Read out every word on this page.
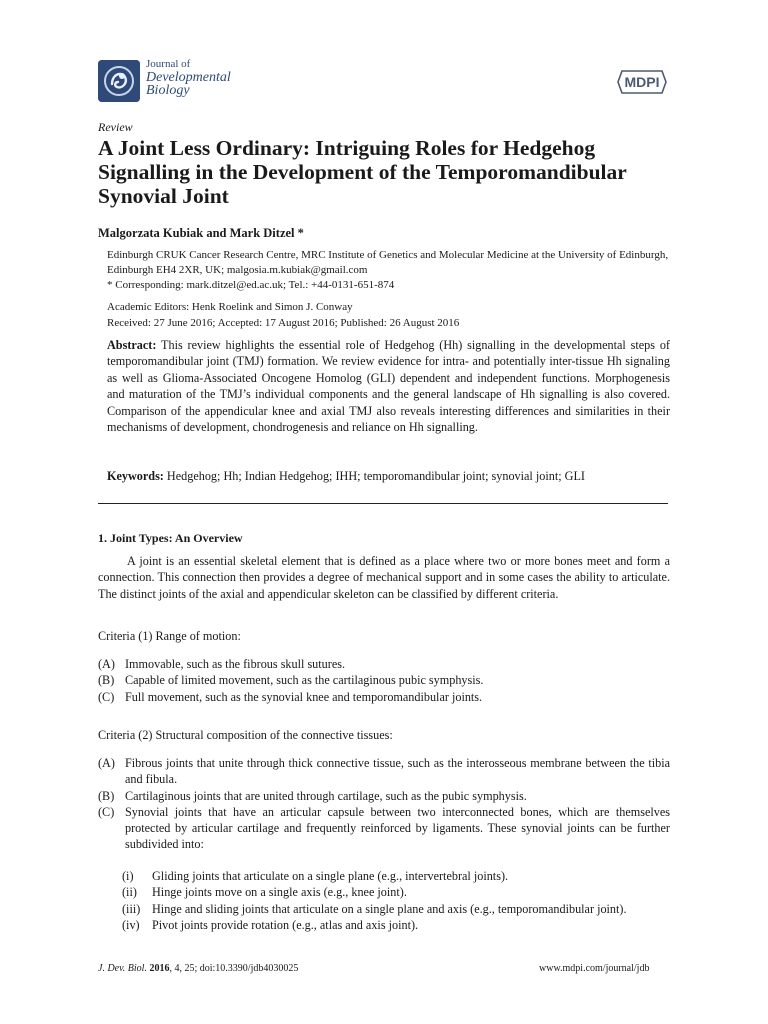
Journal of
Developmental
Biology
MDPI
Review
A Joint Less Ordinary: Intriguing Roles for Hedgehog Signalling in the Development of the Temporomandibular Synovial Joint
Malgorzata Kubiak and Mark Ditzel *
Edinburgh CRUK Cancer Research Centre, MRC Institute of Genetics and Molecular Medicine at the University of Edinburgh, Edinburgh EH4 2XR, UK; malgosia.m.kubiak@gmail.com
* Corresponding: mark.ditzel@ed.ac.uk; Tel.: +44-0131-651-874
Academic Editors: Henk Roelink and Simon J. Conway
Received: 27 June 2016; Accepted: 17 August 2016; Published: 26 August 2016
Abstract: This review highlights the essential role of Hedgehog (Hh) signalling in the developmental steps of temporomandibular joint (TMJ) formation. We review evidence for intra- and potentially inter-tissue Hh signaling as well as Glioma-Associated Oncogene Homolog (GLI) dependent and independent functions. Morphogenesis and maturation of the TMJ’s individual components and the general landscape of Hh signalling is also covered. Comparison of the appendicular knee and axial TMJ also reveals interesting differences and similarities in their mechanisms of development, chondrogenesis and reliance on Hh signalling.
Keywords: Hedgehog; Hh; Indian Hedgehog; IHH; temporomandibular joint; synovial joint; GLI
1. Joint Types: An Overview
A joint is an essential skeletal element that is defined as a place where two or more bones meet and form a connection. This connection then provides a degree of mechanical support and in some cases the ability to articulate. The distinct joints of the axial and appendicular skeleton can be classified by different criteria.
Criteria (1) Range of motion:
(A) Immovable, such as the fibrous skull sutures.
(B) Capable of limited movement, such as the cartilaginous pubic symphysis.
(C) Full movement, such as the synovial knee and temporomandibular joints.
Criteria (2) Structural composition of the connective tissues:
(A) Fibrous joints that unite through thick connective tissue, such as the interosseous membrane between the tibia and fibula.
(B) Cartilaginous joints that are united through cartilage, such as the pubic symphysis.
(C) Synovial joints that have an articular capsule between two interconnected bones, which are themselves protected by articular cartilage and frequently reinforced by ligaments. These synovial joints can be further subdivided into:
(i)	Gliding joints that articulate on a single plane (e.g., intervertebral joints).
(ii)	Hinge joints move on a single axis (e.g., knee joint).
(iii) Hinge and sliding joints that articulate on a single plane and axis (e.g., temporomandibular joint).
(iv)	Pivot joints provide rotation (e.g., atlas and axis joint).
J. Dev. Biol. 2016, 4, 25; doi:10.3390/jdb4030025	www.mdpi.com/journal/jdb
